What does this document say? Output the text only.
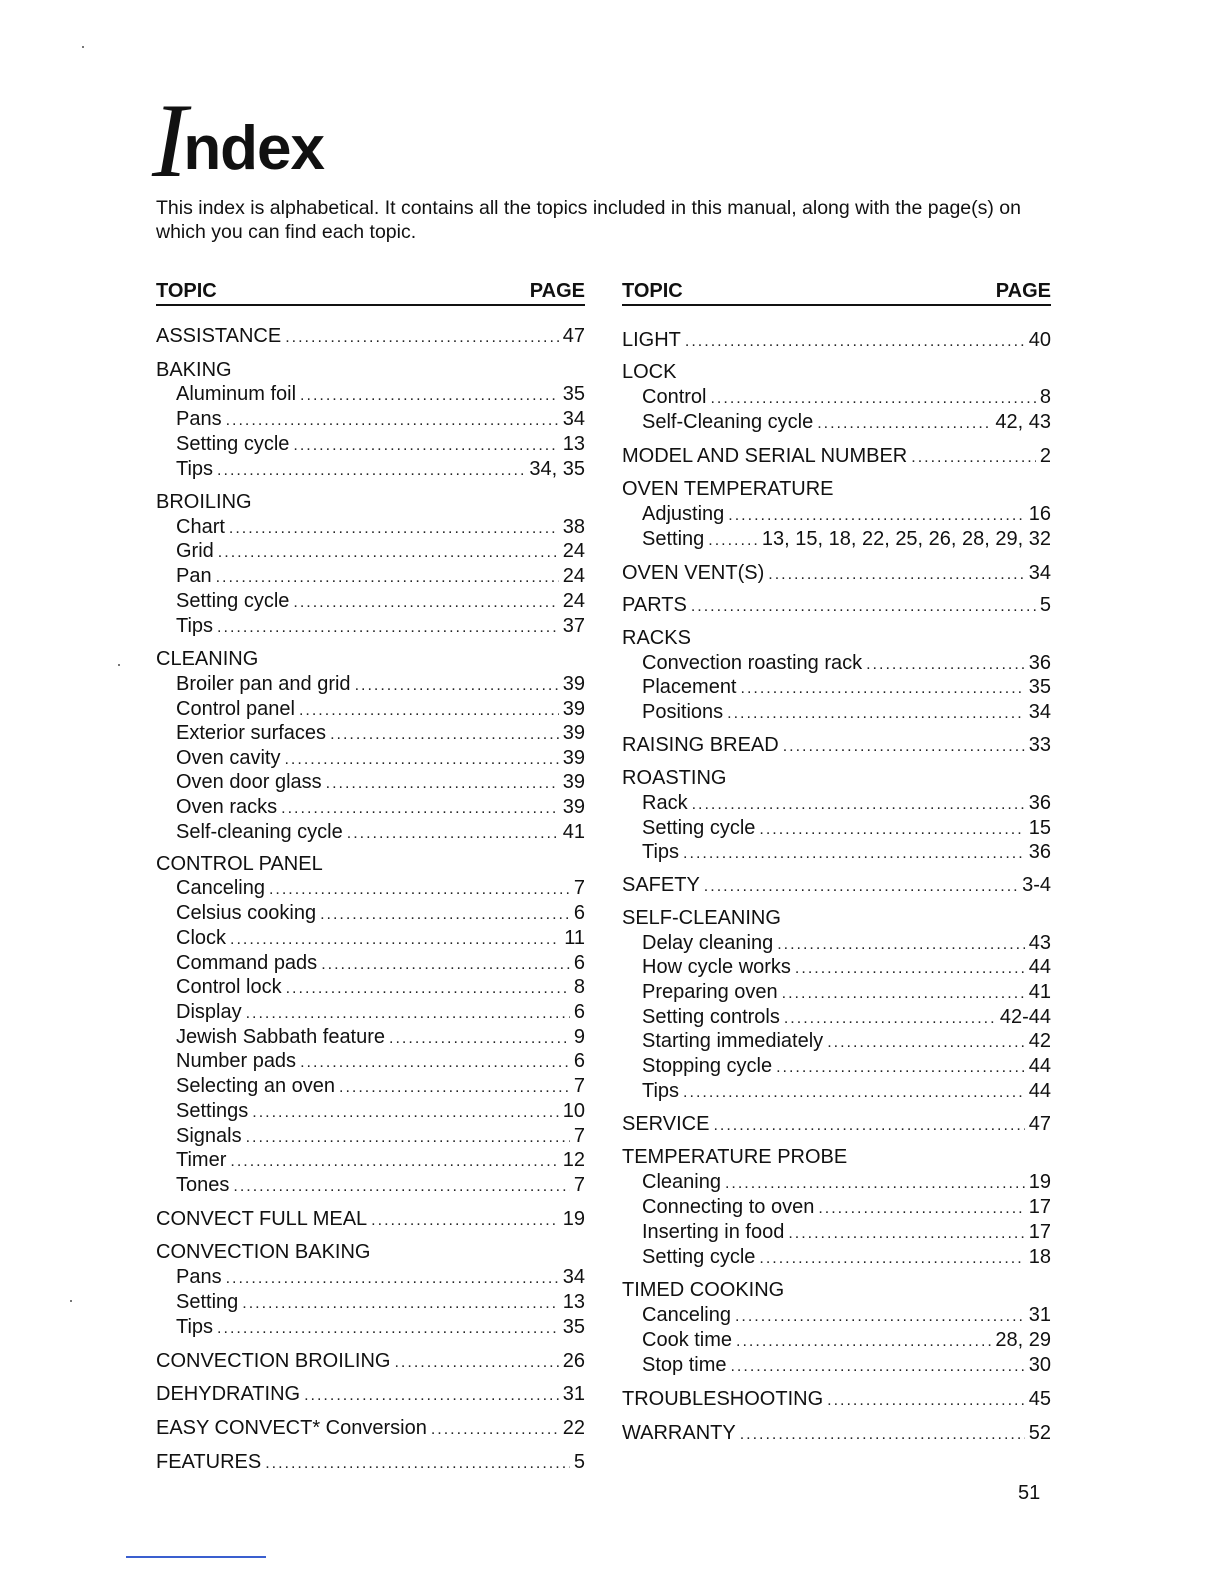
Index
This index is alphabetical. It contains all the topics included in this manual, along with the page(s) on which you can find each topic.
TOPIC	PAGE
ASSISTANCE .....	47
BAKING
Aluminum foil .....	35
Pans .....	34
Setting cycle .....	13
Tips .....	34, 35
BROILING
Chart .....	38
Grid .....	24
Pan .....	24
Setting cycle .....	24
Tips .....	37
CLEANING
Broiler pan and grid .....	39
Control panel .....	39
Exterior surfaces .....	39
Oven cavity .....	39
Oven door glass .....	39
Oven racks .....	39
Self-cleaning cycle .....	41
CONTROL PANEL
Canceling .....	7
Celsius cooking .....	6
Clock .....	11
Command pads .....	6
Control lock .....	8
Display .....	6
Jewish Sabbath feature .....	9
Number pads .....	6
Selecting an oven .....	7
Settings .....	10
Signals .....	7
Timer .....	12
Tones .....	7
CONVECT FULL MEAL .....	19
CONVECTION BAKING
Pans .....	34
Setting .....	13
Tips .....	35
CONVECTION BROILING .....	26
DEHYDRATING .....	31
EASY CONVECT* Conversion .....	22
FEATURES .....	5
TOPIC	PAGE
LIGHT .....	40
LOCK
Control .....	8
Self-Cleaning cycle .....	42, 43
MODEL AND SERIAL NUMBER .....	2
OVEN TEMPERATURE
Adjusting .....	16
Setting .....	13, 15, 18, 22, 25, 26, 28, 29, 32
OVEN VENT(S) .....	34
PARTS .....	5
RACKS
Convection roasting rack .....	36
Placement .....	35
Positions .....	34
RAISING BREAD .....	33
ROASTING
Rack .....	36
Setting cycle .....	15
Tips .....	36
SAFETY .....	3-4
SELF-CLEANING
Delay cleaning .....	43
How cycle works .....	44
Preparing oven .....	41
Setting controls .....	42-44
Starting immediately .....	42
Stopping cycle .....	44
Tips .....	44
SERVICE .....	47
TEMPERATURE PROBE
Cleaning .....	19
Connecting to oven .....	17
Inserting in food .....	17
Setting cycle .....	18
TIMED COOKING
Canceling .....	31
Cook time .....	28, 29
Stop time .....	30
TROUBLESHOOTING .....	45
WARRANTY .....	52
51
